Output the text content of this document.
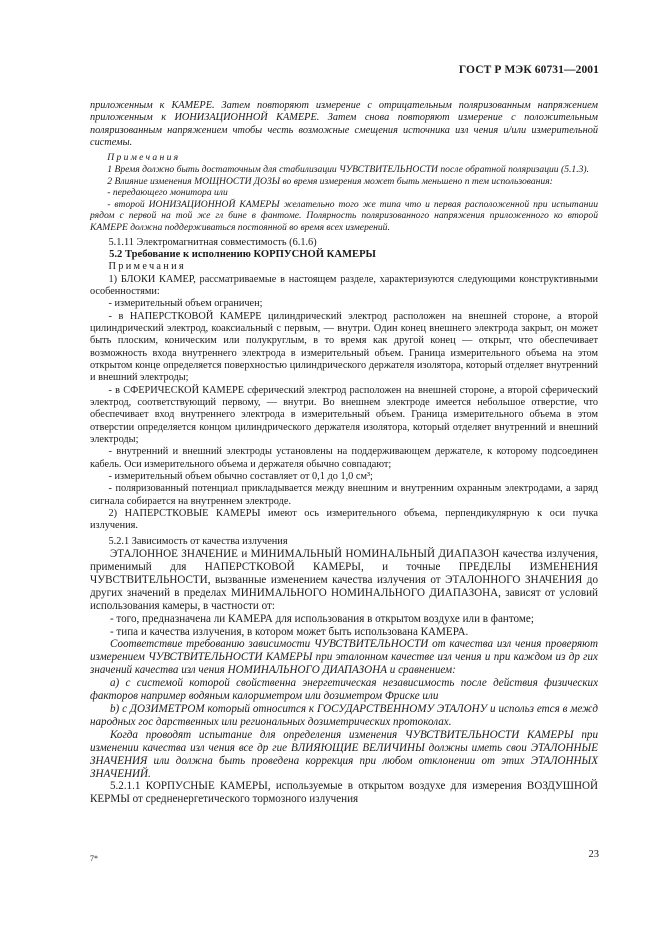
ГОСТ Р МЭК 60731—2001

приложенным к КАМЕРЕ. Затем повторяют измерение с отрицательным поляризованным напряжением приложенным к ИОНИЗАЦИОННОЙ КАМЕРЕ. Затем снова повторяют измерение с положительным поляризованным напряжением чтобы честь возможные смещения источника изл чения и/или измерительной системы.

Примечания

1 Время должно быть достаточным для стабилизации ЧУВСТВИТЕЛЬНОСТИ после обратной поляризации (5.1.3).

2 Влияние изменения МОЩНОСТИ ДОЗЫ во время измерения может быть меньшено п тем использования:

- передающего монитора или

- второй ИОНИЗАЦИОННОЙ КАМЕРЫ желательно того же типа что и первая расположенной при испытании рядом с первой на той же гл бине в фантоме. Полярность поляризованного напряжения приложенного ко второй КАМЕРЕ должна поддерживаться постоянной во время всех измерений.

5.1.11 Электромагнитная совместимость (6.1.6)

5.2 Требование к исполнению КОРПУСНОЙ КАМЕРЫ

Примечания

1) БЛОКИ КАМЕР, рассматриваемые в настоящем разделе, характеризуются следующими конструктивными особенностями:

- измерительный объем ограничен;

- в НАПЕРСТКОВОЙ КАМЕРЕ цилиндрический электрод расположен на внешней стороне, а второй цилиндрический электрод, коаксиальный с первым, — внутри. Один конец внешнего электрода закрыт, он может быть плоским, коническим или полукруглым, в то время как другой конец — открыт, что обеспечивает возможность входа внутреннего электрода в измерительный объем. Граница измерительного объема на этом открытом конце определяется поверхностью цилиндрического держателя изолятора, который отделяет внутренний и внешний электроды;

- в СФЕРИЧЕСКОЙ КАМЕРЕ сферический электрод расположен на внешней стороне, а второй сферический электрод, соответствующий первому, — внутри. Во внешнем электроде имеется небольшое отверстие, что обеспечивает вход внутреннего электрода в измерительный объем. Граница измерительного объема в этом отверстии определяется концом цилиндрического держателя изолятора, который отделяет внутренний и внешний электроды;

- внутренний и внешний электроды установлены на поддерживающем держателе, к которому подсоединен кабель. Оси измерительного объема и держателя обычно совпадают;

- измерительный объем обычно составляет от 0,1 до 1,0 см³;

- поляризованный потенциал прикладывается между внешним и внутренним охранным электродами, а заряд сигнала собирается на внутреннем электроде.

2) НАПЕРСТКОВЫЕ КАМЕРЫ имеют ось измерительного объема, перпендикулярную к оси пучка излучения.

5.2.1 Зависимость от качества излучения

ЭТАЛОННОЕ ЗНАЧЕНИЕ и МИНИМАЛЬНЫЙ НОМИНАЛЬНЫЙ ДИАПАЗОН качества излучения, применимый для НАПЕРСТКОВОЙ КАМЕРЫ, и точные ПРЕДЕЛЫ ИЗМЕНЕНИЯ ЧУВСТВИТЕЛЬНОСТИ, вызванные изменением качества излучения от ЭТАЛОННОГО ЗНАЧЕНИЯ до других значений в пределах МИНИМАЛЬНОГО НОМИНАЛЬНОГО ДИАПАЗОНА, зависят от условий использования камеры, в частности от:

- того, предназначена ли КАМЕРА для использования в открытом воздухе или в фантоме;

- типа и качества излучения, в котором может быть использована КАМЕРА.

Соответствие требованию зависимости ЧУВСТВИТЕЛЬНОСТИ от качества изл чения проверяют измерением ЧУВСТВИТЕЛЬНОСТИ КАМЕРЫ при эталонном качестве изл чения и при каждом из др гих значений качества изл чения НОМИНАЛЬНОГО ДИАПАЗОНА и сравнением:

а) с системой которой свойственна энергетическая независимость после действия физических факторов например водяным калориметром или дозиметром Фриске или

b) с ДОЗИМЕТРОМ который относится к ГОСУДАРСТВЕННОМУ ЭТАЛОНУ и использ ется в межд народных гос дарственных или региональных дозиметрических протоколах.

Когда проводят испытание для определения изменения ЧУВСТВИТЕЛЬНОСТИ КАМЕРЫ при изменении качества изл чения все др гие ВЛИЯЮЩИЕ ВЕЛИЧИНЫ должны иметь свои ЭТАЛОННЫЕ ЗНАЧЕНИЯ или должна быть проведена коррекция при любом отклонении от этих ЭТАЛОННЫХ ЗНАЧЕНИЙ.

5.2.1.1 КОРПУСНЫЕ КАМЕРЫ, используемые в открытом воздухе для измерения ВОЗДУШНОЙ КЕРМЫ от средненергетического тормозного излучения

7*	23
